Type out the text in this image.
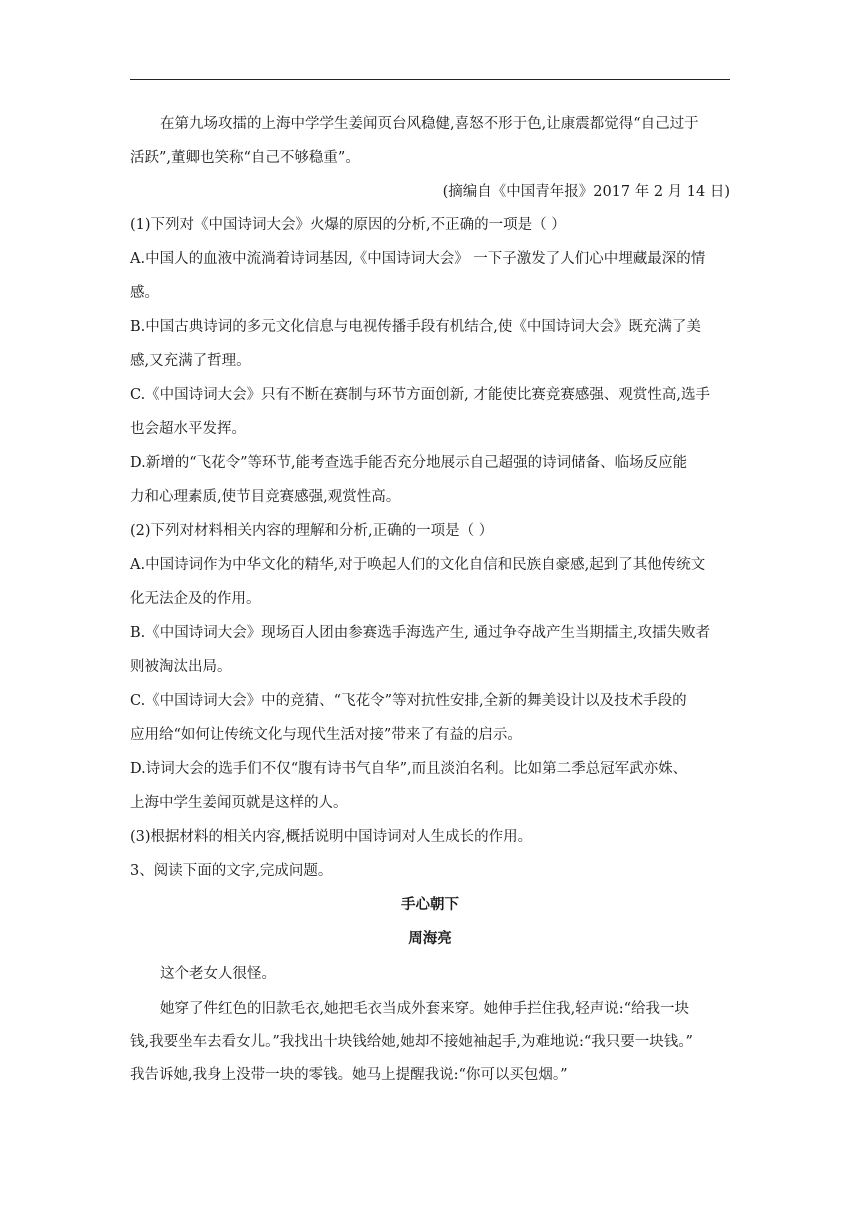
在第九场攻擂的上海中学学生姜闻页台风稳健,喜怒不形于色,让康震都觉得“自己过于
活跃”,董卿也笑称“自己不够稳重”。
(摘编自《中国青年报》2017 年 2 月 14 日)
(1)下列对《中国诗词大会》火爆的原因的分析,不正确的一项是（ ）
A.中国人的血液中流淌着诗词基因,《中国诗词大会》 一下子激发了人们心中埋藏最深的情
感。
B.中国古典诗词的多元文化信息与电视传播手段有机结合,使《中国诗词大会》既充满了美
感,又充满了哲理。
C.《中国诗词大会》只有不断在赛制与环节方面创新, 才能使比赛竞赛感强、观赏性高,选手
也会超水平发挥。
D.新增的“飞花令”等环节,能考查选手能否充分地展示自己超强的诗词储备、临场反应能
力和心理素质,使节目竞赛感强,观赏性高。
(2)下列对材料相关内容的理解和分析,正确的一项是（ ）
A.中国诗词作为中华文化的精华,对于唤起人们的文化自信和民族自豪感,起到了其他传统文
化无法企及的作用。
B.《中国诗词大会》现场百人团由参赛选手海选产生, 通过争夺战产生当期擂主,攻擂失败者
则被淘汰出局。
C.《中国诗词大会》中的竞猜、“飞花令”等对抗性安排,全新的舞美设计以及技术手段的
应用给“如何让传统文化与现代生活对接”带来了有益的启示。
D.诗词大会的选手们不仅“腹有诗书气自华”,而且淡泊名利。比如第二季总冠军武亦姝、
上海中学生姜闻页就是这样的人。
(3)根据材料的相关内容,概括说明中国诗词对人生成长的作用。
3、阅读下面的文字,完成问题。
手心朝下
周海亮
这个老女人很怪。
她穿了件红色的旧款毛衣,她把毛衣当成外套来穿。她伸手拦住我,轻声说:“给我一块
钱,我要坐车去看女儿。”我找出十块钱给她,她却不接她袖起手,为难地说:“我只要一块钱。”
我告诉她,我身上没带一块的零钱。她马上提醒我说:“你可以买包烟。”
